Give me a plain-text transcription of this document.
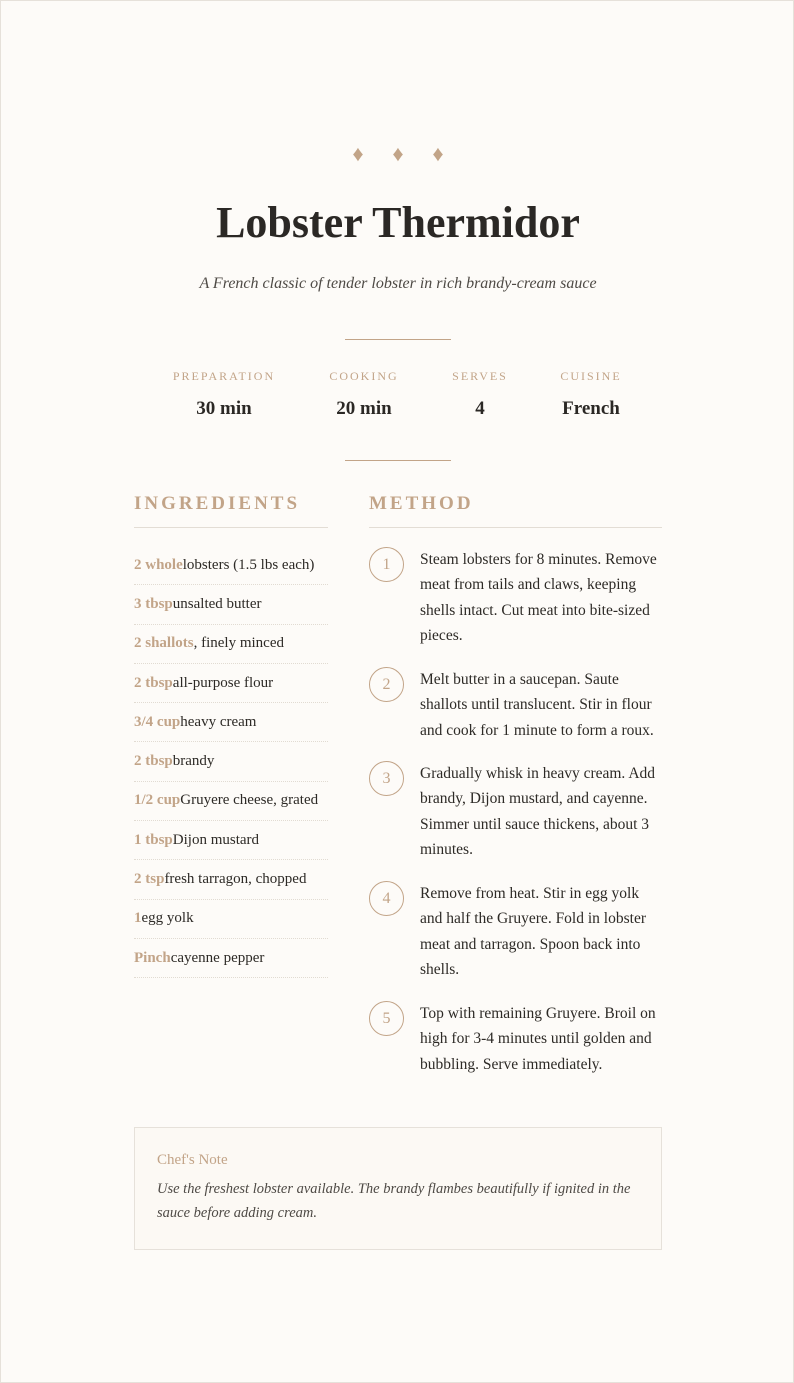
♦ ♦ ♦
Lobster Thermidor

A French classic of tender lobster in rich brandy-cream sauce

PREPARATION
30 min
COOKING
20 min
SERVES
4
CUISINE
French
INGREDIENTS	METHOD
2 whole lobsters (1.5 lbs each)
3 tbsp unsalted butter
2 shallots , finely minced
2 tbsp all-purpose flour
3/4 cup heavy cream
2 tbsp brandy
1/2 cup Gruyere cheese, grated
1 tbsp Dijon mustard
2 tsp fresh tarragon, chopped
1 egg yolk
Pinch cayenne pepper
1	Steam lobsters for 8 minutes. Remove meat from tails and claws, keeping shells intact. Cut meat into bite-sized pieces.
2	Melt butter in a saucepan. Saute shallots until translucent. Stir in flour and cook for 1 minute to form a roux.
3	Gradually whisk in heavy cream. Add brandy, Dijon mustard, and cayenne. Simmer until sauce thickens, about 3 minutes.
4	Remove from heat. Stir in egg yolk and half the Gruyere. Fold in lobster meat and tarragon. Spoon back into shells.
5	Top with remaining Gruyere. Broil on high for 3-4 minutes until golden and bubbling. Serve immediately.
Chef's Note

Use the freshest lobster available. The brandy flambes beautifully if ignited in the sauce before adding cream.
